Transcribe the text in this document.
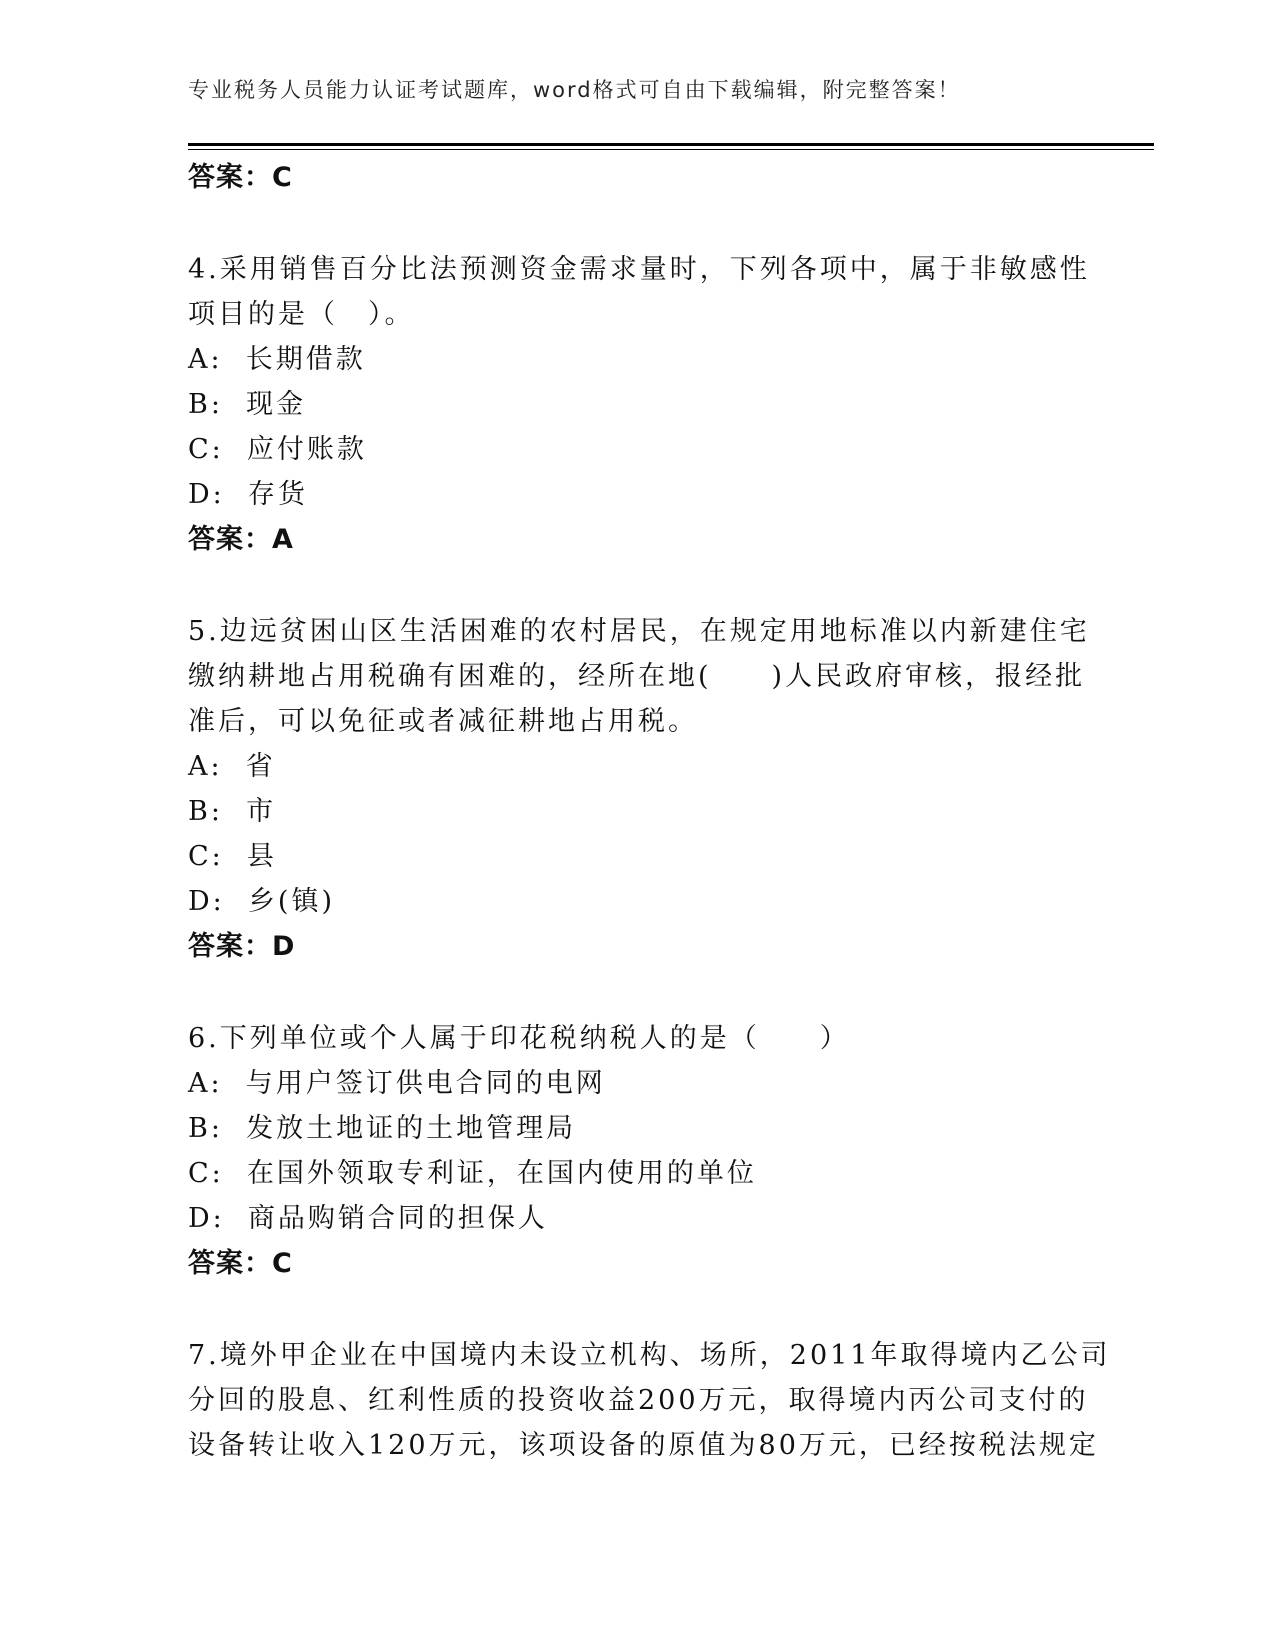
专业税务人员能力认证考试题库，word格式可自由下载编辑，附完整答案！
答案：C
4.采用销售百分比法预测资金需求量时，下列各项中，属于非敏感性
项目的是（　）。
A:  长期借款
B:  现金
C:  应付账款
D:  存货
答案：A
5.边远贫困山区生活困难的农村居民，在规定用地标准以内新建住宅
缴纳耕地占用税确有困难的，经所在地(　　)人民政府审核，报经批
准后，可以免征或者减征耕地占用税。
A:  省
B:  市
C:  县
D:  乡(镇)
答案：D
6.下列单位或个人属于印花税纳税人的是（　　）
A:  与用户签订供电合同的电网
B:  发放土地证的土地管理局
C:  在国外领取专利证，在国内使用的单位
D:  商品购销合同的担保人
答案：C
7.境外甲企业在中国境内未设立机构、场所，2011年取得境内乙公司
分回的股息、红利性质的投资收益200万元，取得境内丙公司支付的
设备转让收入120万元，该项设备的原值为80万元，已经按税法规定
